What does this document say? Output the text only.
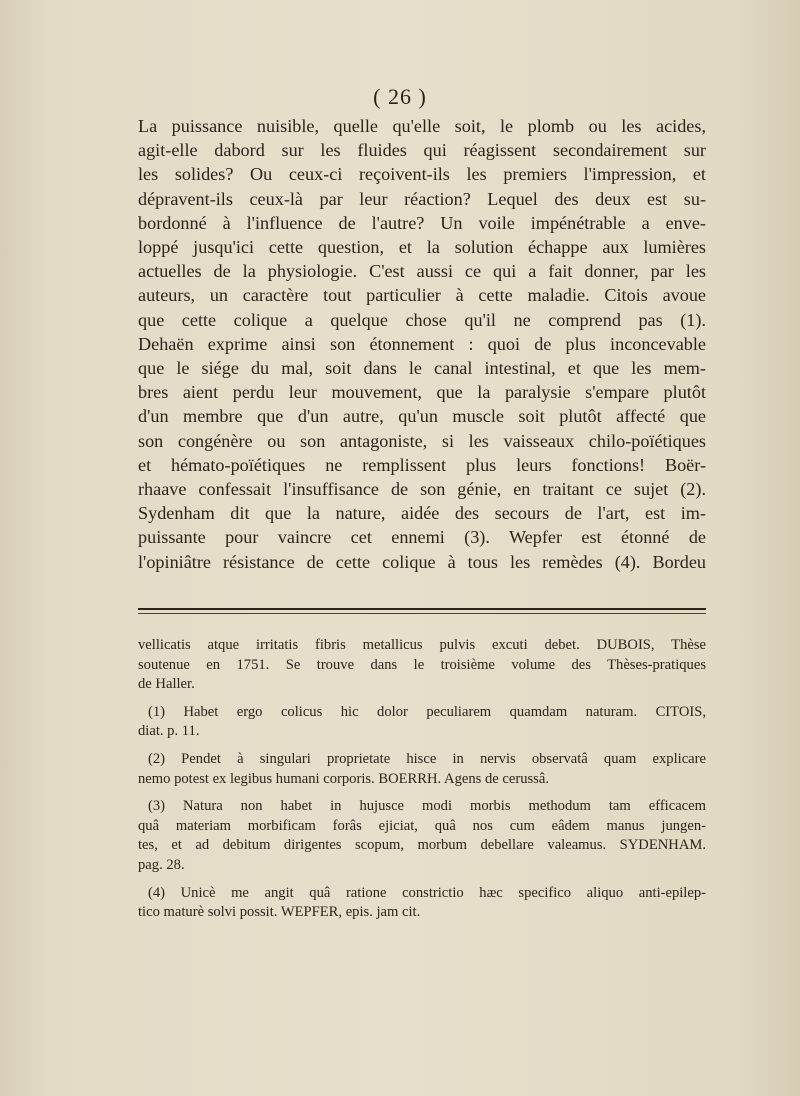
( 26 )
La puissance nuisible, quelle qu'elle soit, le plomb ou les acides,
agit-elle dabord sur les fluides qui réagissent secondairement sur
les solides? Ou ceux-ci reçoivent-ils les premiers l'impression, et
dépravent-ils ceux-là par leur réaction? Lequel des deux est su-
bordonné à l'influence de l'autre? Un voile impénétrable a enve-
loppé jusqu'ici cette question, et la solution échappe aux lumières
actuelles de la physiologie. C'est aussi ce qui a fait donner, par les
auteurs, un caractère tout particulier à cette maladie. Citois avoue
que cette colique a quelque chose qu'il ne comprend pas (1).
Dehaën exprime ainsi son étonnement : quoi de plus inconcevable
que le siége du mal, soit dans le canal intestinal, et que les mem-
bres aient perdu leur mouvement, que la paralysie s'empare plutôt
d'un membre que d'un autre, qu'un muscle soit plutôt affecté que
son congénère ou son antagoniste, si les vaisseaux chilo-poïétiques
et hémato-poïétiques ne remplissent plus leurs fonctions! Boër-
rhaave confessait l'insuffisance de son génie, en traitant ce sujet (2).
Sydenham dit que la nature, aidée des secours de l'art, est im-
puissante pour vaincre cet ennemi (3). Wepfer est étonné de
l'opiniâtre résistance de cette colique à tous les remèdes (4). Bordeu
vellicatis atque irritatis fibris metallicus pulvis excuti debet. DUBOIS, Thèse
soutenue en 1751. Se trouve dans le troisième volume des Thèses-pratiques
de Haller.
(1) Habet ergo colicus hic dolor peculiarem quamdam naturam. CITOIS,
diat. p. 11.
(2) Pendet à singulari proprietate hisce in nervis observatâ quam explicare
nemo potest ex legibus humani corporis. BOERRH. Agens de cerussâ.
(3) Natura non habet in hujusce modi morbis methodum tam efficacem
quâ materiam morbificam forâs ejiciat, quâ nos cum eâdem manus jungen-
tes, et ad debitum dirigentes scopum, morbum debellare valeamus. SYDENHAM.
pag. 28.
(4) Unicè me angit quâ ratione constrictio hæc specifico aliquo anti-epilep-
tico maturè solvi possit. WEPFER, epis. jam cit.
